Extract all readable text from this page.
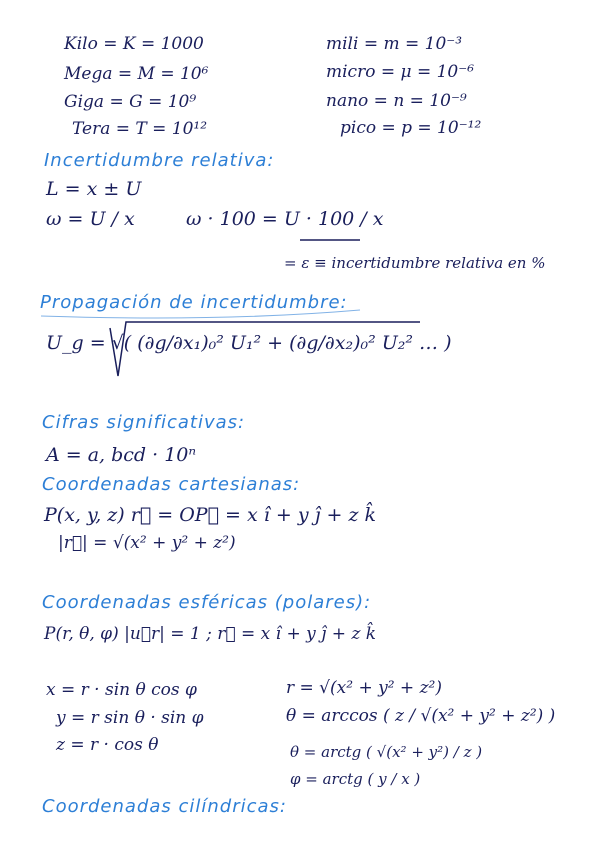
Kilo = K = 1000
Mega = M = 10⁶
Giga = G = 10⁹
Tera = T = 10¹²
mili = m = 10⁻³
micro = μ = 10⁻⁶
nano = n = 10⁻⁹
pico = p = 10⁻¹²
Incertidumbre relativa:
L = x ± U
ω = U / x	ω · 100 = U · 100 / x
= ε ≡ incertidumbre relativa en %
Propagación de incertidumbre:
U_g = √( (∂g/∂x₁)₀² U₁² + (∂g/∂x₂)₀² U₂² … )
Cifras significativas:
A = a, bcd · 10ⁿ
Coordenadas cartesianas:
P(x, y, z) r⃗ = OP⃗ = x î + y ĵ + z k̂
|r⃗| = √(x² + y² + z²)
Coordenadas esféricas (polares):
P(r, θ, φ) |u⃗r| = 1 ; r⃗ = x î + y ĵ + z k̂
x = r · sin θ cos φ
y = r sin θ · sin φ
z = r · cos θ
r = √(x² + y² + z²)
θ = arccos ( z / √(x² + y² + z²) )
θ = arctg ( √(x² + y²) / z )
φ = arctg ( y / x )
Coordenadas cilíndricas:
